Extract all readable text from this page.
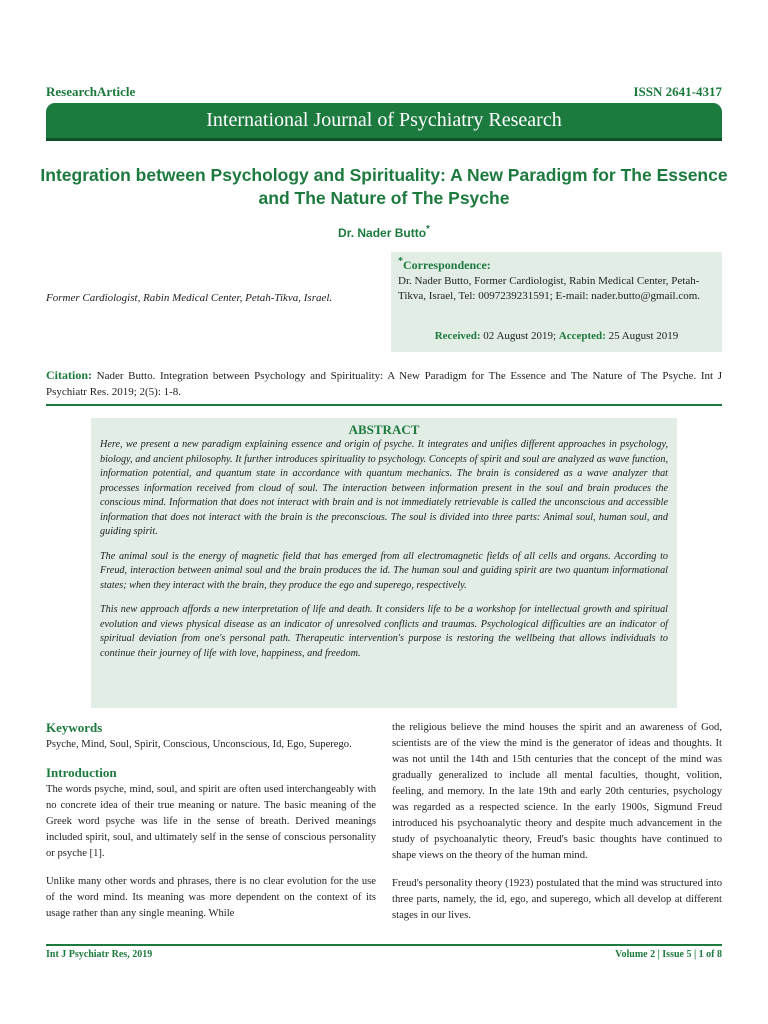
ResearchArticle	ISSN 2641-4317
International Journal of Psychiatry Research
Integration between Psychology and Spirituality: A New Paradigm for The Essence and The Nature of The Psyche
Dr. Nader Butto*
Former Cardiologist, Rabin Medical Center, Petah-Tikva, Israel.
*Correspondence:
Dr. Nader Butto, Former Cardiologist, Rabin Medical Center, Petah-Tikva, Israel, Tel: 0097239231591; E-mail: nader.butto@gmail.com.
Received: 02 August 2019; Accepted: 25 August 2019
Citation: Nader Butto. Integration between Psychology and Spirituality: A New Paradigm for The Essence and The Nature of The Psyche. Int J Psychiatr Res. 2019; 2(5): 1-8.
ABSTRACT

Here, we present a new paradigm explaining essence and origin of psyche. It integrates and unifies different approaches in psychology, biology, and ancient philosophy. It further introduces spirituality to psychology. Concepts of spirit and soul are analyzed as wave function, information potential, and quantum state in accordance with quantum mechanics. The brain is considered as a wave analyzer that processes information received from cloud of soul. The interaction between information present in the soul and brain produces the conscious mind. Information that does not interact with brain and is not immediately retrievable is called the unconscious and accessible information that does not interact with the brain is the preconscious. The soul is divided into three parts: Animal soul, human soul, and guiding spirit.

The animal soul is the energy of magnetic field that has emerged from all electromagnetic fields of all cells and organs. According to Freud, interaction between animal soul and the brain produces the id. The human soul and guiding spirit are two quantum informational states; when they interact with the brain, they produce the ego and superego, respectively.

This new approach affords a new interpretation of life and death. It considers life to be a workshop for intellectual growth and spiritual evolution and views physical disease as an indicator of unresolved conflicts and traumas. Psychological difficulties are an indicator of spiritual deviation from one's personal path. Therapeutic intervention's purpose is restoring the wellbeing that allows individuals to continue their journey of life with love, happiness, and freedom.

Keywords

Psyche, Mind, Soul, Spirit, Conscious, Unconscious, Id, Ego, Superego.

Introduction

The words psyche, mind, soul, and spirit are often used interchangeably with no concrete idea of their true meaning or nature. The basic meaning of the Greek word psyche was life in the sense of breath. Derived meanings included spirit, soul, and ultimately self in the sense of conscious personality or psyche [1].

Unlike many other words and phrases, there is no clear evolution for the use of the word mind. Its meaning was more dependent on the context of its usage rather than any single meaning. While

the religious believe the mind houses the spirit and an awareness of God, scientists are of the view the mind is the generator of ideas and thoughts. It was not until the 14th and 15th centuries that the concept of the mind was gradually generalized to include all mental faculties, thought, volition, feeling, and memory. In the late 19th and early 20th centuries, psychology was regarded as a respected science. In the early 1900s, Sigmund Freud introduced his psychoanalytic theory and despite much advancement in the study of psychoanalytic theory, Freud's basic thoughts have continued to shape views on the theory of the human mind.

Freud's personality theory (1923) postulated that the mind was structured into three parts, namely, the id, ego, and superego, which all develop at different stages in our lives.

Int J Psychiatr Res, 2019	Volume 2 | Issue 5 | 1 of 8
